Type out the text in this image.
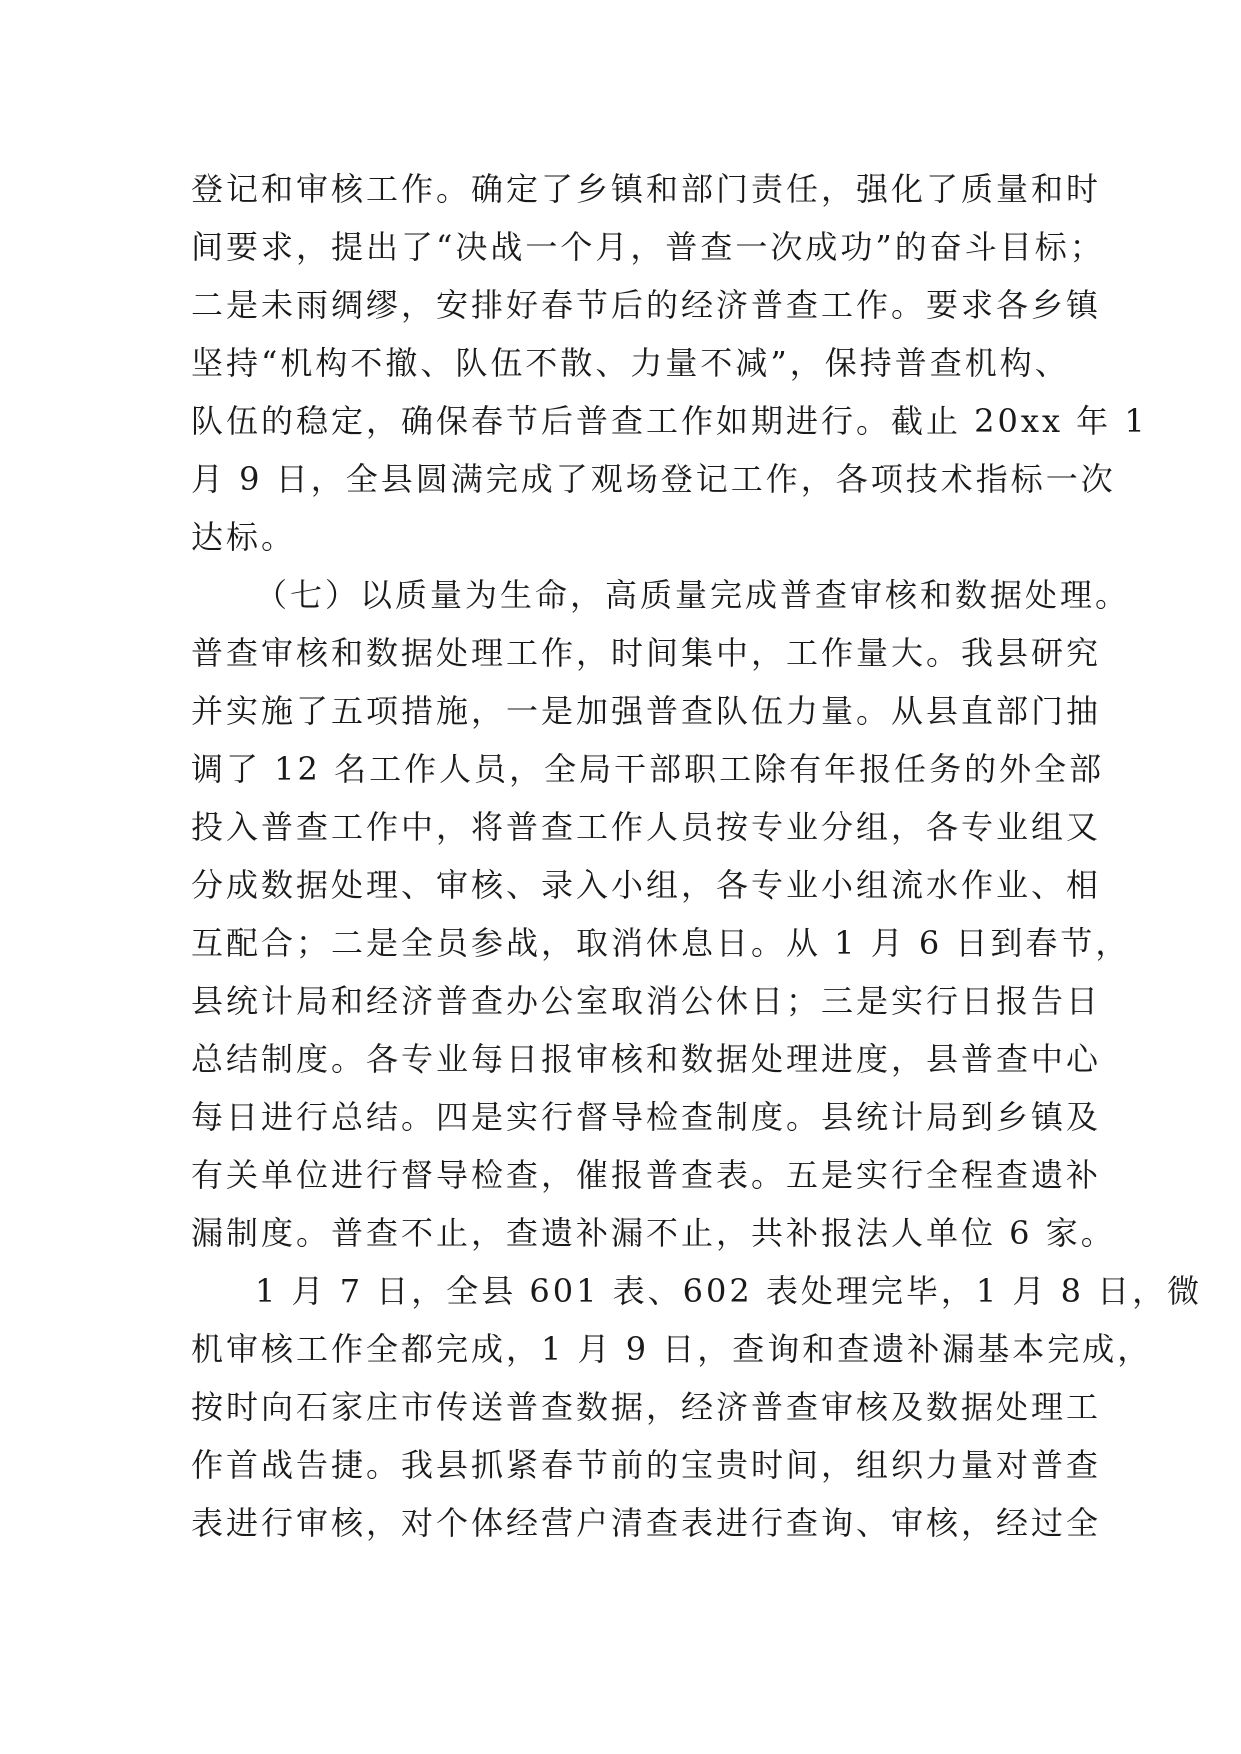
登记和审核工作。确定了乡镇和部门责任，强化了质量和时
间要求，提出了“决战一个月，普查一次成功”的奋斗目标；
二是未雨绸缪，安排好春节后的经济普查工作。要求各乡镇
坚持“机构不撤、队伍不散、力量不减”，保持普查机构、
队伍的稳定，确保春节后普查工作如期进行。截止 20xx 年 1
月 9 日，全县圆满完成了观场登记工作，各项技术指标一次
达标。
（七）以质量为生命，高质量完成普查审核和数据处理。
普查审核和数据处理工作，时间集中，工作量大。我县研究
并实施了五项措施，一是加强普查队伍力量。从县直部门抽
调了 12 名工作人员，全局干部职工除有年报任务的外全部
投入普查工作中，将普查工作人员按专业分组，各专业组又
分成数据处理、审核、录入小组，各专业小组流水作业、相
互配合；二是全员参战，取消休息日。从 1 月 6 日到春节，
县统计局和经济普查办公室取消公休日；三是实行日报告日
总结制度。各专业每日报审核和数据处理进度，县普查中心
每日进行总结。四是实行督导检查制度。县统计局到乡镇及
有关单位进行督导检查，催报普查表。五是实行全程查遗补
漏制度。普查不止，查遗补漏不止，共补报法人单位 6 家。
1 月 7 日，全县 601 表、602 表处理完毕，1 月 8 日，微
机审核工作全都完成，1 月 9 日，查询和查遗补漏基本完成，
按时向石家庄市传送普查数据，经济普查审核及数据处理工
作首战告捷。我县抓紧春节前的宝贵时间，组织力量对普查
表进行审核，对个体经营户清查表进行查询、审核，经过全
